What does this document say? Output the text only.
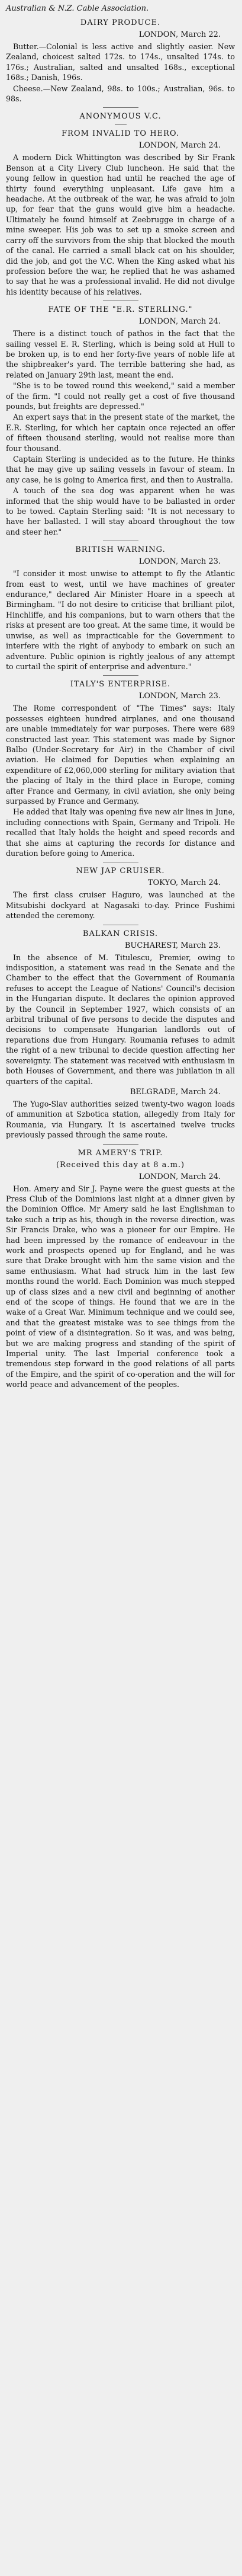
Australian & N.Z. Cable Association.
DAIRY PRODUCE.
LONDON, March 22.

Butter.—Colonial is less active and slightly easier. New Zealand, choicest salted 172s. to 174s., unsalted 174s. to 176s.; Australian, salted and unsalted 168s., exceptional 168s.; Danish, 196s.

Cheese.—New Zealand, 98s. to 100s.; Australian, 96s. to 98s.

ANONYMOUS V.C.
FROM INVALID TO HERO.
LONDON, March 24.

A modern Dick Whittington was described by Sir Frank Benson at a City Livery Club luncheon. He said that the young fellow in question had until he reached the age of thirty found everything unpleasant. Life gave him a headache. At the outbreak of the war, he was afraid to join up, for fear that the guns would give him a headache. Ultimately he found himself at Zeebrugge in charge of a mine sweeper. His job was to set up a smoke screen and carry off the survivors from the ship that blocked the mouth of the canal. He carried a small black cat on his shoulder, did the job, and got the V.C. When the King asked what his profession before the war, he replied that he was ashamed to say that he was a professional invalid. He did not divulge his identity because of his relatives.

FATE OF THE "E.R. STERLING."
LONDON, March 24.

There is a distinct touch of pathos in the fact that the sailing vessel E. R. Sterling, which is being sold at Hull to be broken up, is to end her forty-five years of noble life at the shipbreaker's yard. The terrible battering she had, as related on January 29th last, meant the end.

"She is to be towed round this weekend," said a member of the firm. "I could not really get a cost of five thousand pounds, but freights are depressed."

An expert says that in the present state of the market, the E.R. Sterling, for which her captain once rejected an offer of fifteen thousand sterling, would not realise more than four thousand.

Captain Sterling is undecided as to the future. He thinks that he may give up sailing vessels in favour of steam. In any case, he is going to America first, and then to Australia.

A touch of the sea dog was apparent when he was informed that the ship would have to be ballasted in order to be towed. Captain Sterling said: "It is not necessary to have her ballasted. I will stay aboard throughout the tow and steer her."

BRITISH WARNING.
LONDON, March 23.

"I consider it most unwise to attempt to fly the Atlantic from east to west, until we have machines of greater endurance," declared Air Minister Hoare in a speech at Birmingham. "I do not desire to criticise that brilliant pilot, Hinchliffe, and his companions, but to warn others that the risks at present are too great. At the same time, it would be unwise, as well as impracticable for the Government to interfere with the right of anybody to embark on such an adventure. Public opinion is rightly jealous of any attempt to curtail the spirit of enterprise and adventure."

ITALY'S ENTERPRISE.
LONDON, March 23.

The Rome correspondent of "The Times" says: Italy possesses eighteen hundred airplanes, and one thousand are unable immediately for war purposes. There were 689 constructed last year. This statement was made by Signor Balbo (Under-Secretary for Air) in the Chamber of civil aviation. He claimed for Deputies when explaining an expenditure of £2,060,000 sterling for military aviation that the placing of Italy in the third place in Europe, coming after France and Germany, in civil aviation, she only being surpassed by France and Germany.

He added that Italy was opening five new air lines in June, including connections with Spain, Germany and Tripoli. He recalled that Italy holds the height and speed records and that she aims at capturing the records for distance and duration before going to America.

NEW JAP CRUISER.
TOKYO, March 24.

The first class cruiser Haguro, was launched at the Mitsubishi dockyard at Nagasaki to-day. Prince Fushimi attended the ceremony.

BALKAN CRISIS.
BUCHAREST, March 23.

In the absence of M. Titulescu, Premier, owing to indisposition, a statement was read in the Senate and the Chamber to the effect that the Government of Roumania refuses to accept the League of Nations' Council's decision in the Hungarian dispute. It declares the opinion approved by the Council in September 1927, which consists of an arbitral tribunal of five persons to decide the disputes and decisions to compensate Hungarian landlords out of reparations due from Hungary. Roumania refuses to admit the right of a new tribunal to decide question affecting her sovereignty. The statement was received with enthusiasm in both Houses of Government, and there was jubilation in all quarters of the capital.

BELGRADE, March 24.

The Yugo-Slav authorities seized twenty-two wagon loads of ammunition at Szbotica station, allegedly from Italy for Roumania, via Hungary. It is ascertained twelve trucks previously passed through the same route.

MR AMERY'S TRIP.
(Received this day at 8 a.m.)
LONDON, March 24.

Hon. Amery and Sir J. Payne were the guest guests at the Press Club of the Dominions last night at a dinner given by the Dominion Office. Mr Amery said he last Englishman to take such a trip as his, though in the reverse direction, was Sir Francis Drake, who was a pioneer for our Empire. He had been impressed by the romance of endeavour in the work and prospects opened up for England, and he was sure that Drake brought with him the same vision and the same enthusiasm. What had struck him in the last few months round the world. Each Dominion was much stepped up of class sizes and a new civil and beginning of another end of the scope of things. He found that we are in the wake of a Great War. Minimum technique and we could see, and that the greatest mistake was to see things from the point of view of a disintegration. So it was, and was being, but we are making progress and standing of the spirit of Imperial unity. The last Imperial conference took a tremendous step forward in the good relations of all parts of the Empire, and the spirit of co-operation and the will for world peace and advancement of the peoples.
